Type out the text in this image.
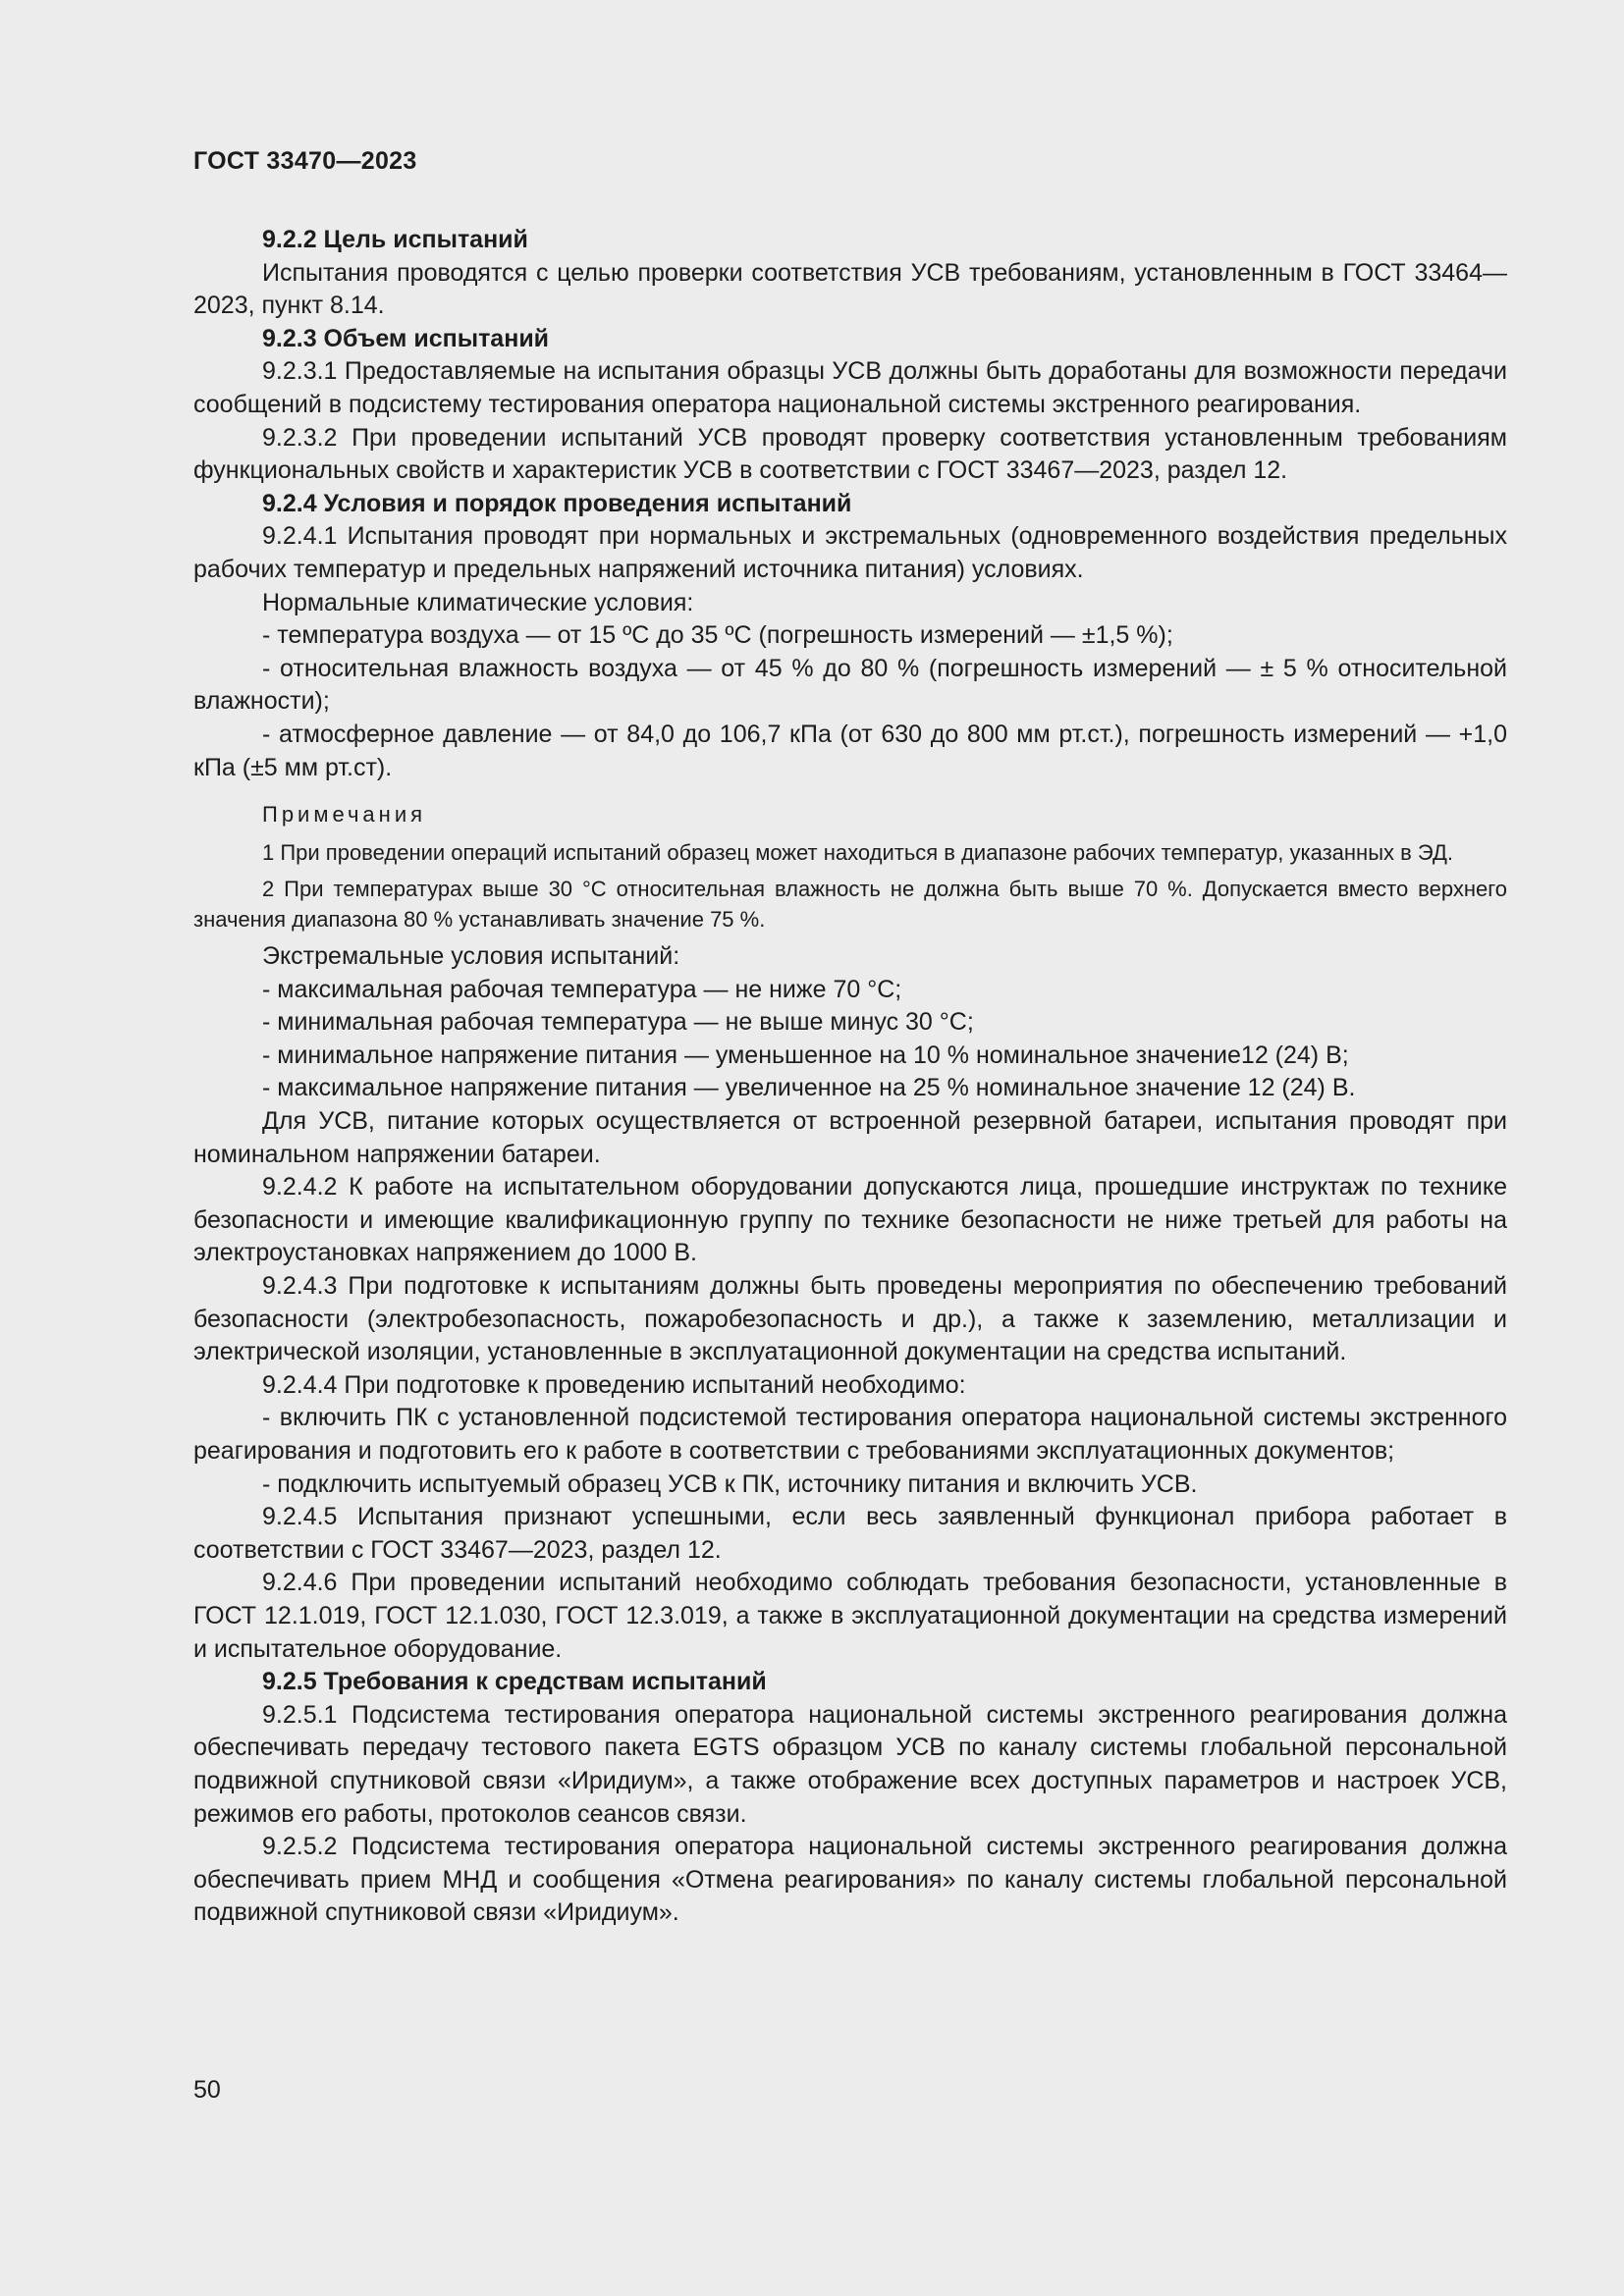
ГОСТ 33470—2023

9.2.2 Цель испытаний

Испытания проводятся с целью проверки соответствия УСВ требованиям, установленным в ГОСТ 33464—2023, пункт 8.14.

9.2.3 Объем испытаний

9.2.3.1 Предоставляемые на испытания образцы УСВ должны быть доработаны для возможности передачи сообщений в подсистему тестирования оператора национальной системы экстренного реагирования.

9.2.3.2 При проведении испытаний УСВ проводят проверку соответствия установленным требованиям функциональных свойств и характеристик УСВ в соответствии с ГОСТ 33467—2023, раздел 12.

9.2.4 Условия и порядок проведения испытаний

9.2.4.1 Испытания проводят при нормальных и экстремальных (одновременного воздействия предельных рабочих температур и предельных напряжений источника питания) условиях.

Нормальные климатические условия:

- температура воздуха — от 15 ºС до 35 ºС (погрешность измерений — ±1,5 %);

- относительная влажность воздуха — от 45 % до 80 % (погрешность измерений — ± 5 % относительной влажности);

- атмосферное давление — от 84,0 до 106,7 кПа (от 630 до 800 мм рт.ст.), погрешность измерений — +1,0 кПа (±5 мм рт.ст).

Примечания

1 При проведении операций испытаний образец может находиться в диапазоне рабочих температур, указанных в ЭД.

2 При температурах выше 30 °С относительная влажность не должна быть выше 70 %. Допускается вместо верхнего значения диапазона 80 % устанавливать значение 75 %.

Экстремальные условия испытаний:

- максимальная рабочая температура — не ниже 70 °С;

- минимальная рабочая температура — не выше минус 30 °С;

- минимальное напряжение питания — уменьшенное на 10 % номинальное значение12 (24) В;

- максимальное напряжение питания — увеличенное на 25 % номинальное значение 12 (24) В.

Для УСВ, питание которых осуществляется от встроенной резервной батареи, испытания проводят при номинальном напряжении батареи.

9.2.4.2 К работе на испытательном оборудовании допускаются лица, прошедшие инструктаж по технике безопасности и имеющие квалификационную группу по технике безопасности не ниже третьей для работы на электроустановках напряжением до 1000 В.

9.2.4.3 При подготовке к испытаниям должны быть проведены мероприятия по обеспечению требований безопасности (электробезопасность, пожаробезопасность и др.), а также к заземлению, металлизации и электрической изоляции, установленные в эксплуатационной документации на средства испытаний.

9.2.4.4 При подготовке к проведению испытаний необходимо:

- включить ПК с установленной подсистемой тестирования оператора национальной системы экстренного реагирования и подготовить его к работе в соответствии с требованиями эксплуатационных документов;

- подключить испытуемый образец УСВ к ПК, источнику питания и включить УСВ.

9.2.4.5 Испытания признают успешными, если весь заявленный функционал прибора работает в соответствии с ГОСТ 33467—2023, раздел 12.

9.2.4.6 При проведении испытаний необходимо соблюдать требования безопасности, установленные в ГОСТ 12.1.019, ГОСТ 12.1.030, ГОСТ 12.3.019, а также в эксплуатационной документации на средства измерений и испытательное оборудование.

9.2.5 Требования к средствам испытаний

9.2.5.1 Подсистема тестирования оператора национальной системы экстренного реагирования должна обеспечивать передачу тестового пакета EGTS образцом УСВ по каналу системы глобальной персональной подвижной спутниковой связи «Иридиум», а также отображение всех доступных параметров и настроек УСВ, режимов его работы, протоколов сеансов связи.

9.2.5.2 Подсистема тестирования оператора национальной системы экстренного реагирования должна обеспечивать прием МНД и сообщения «Отмена реагирования» по каналу системы глобальной персональной подвижной спутниковой связи «Иридиум».

50
